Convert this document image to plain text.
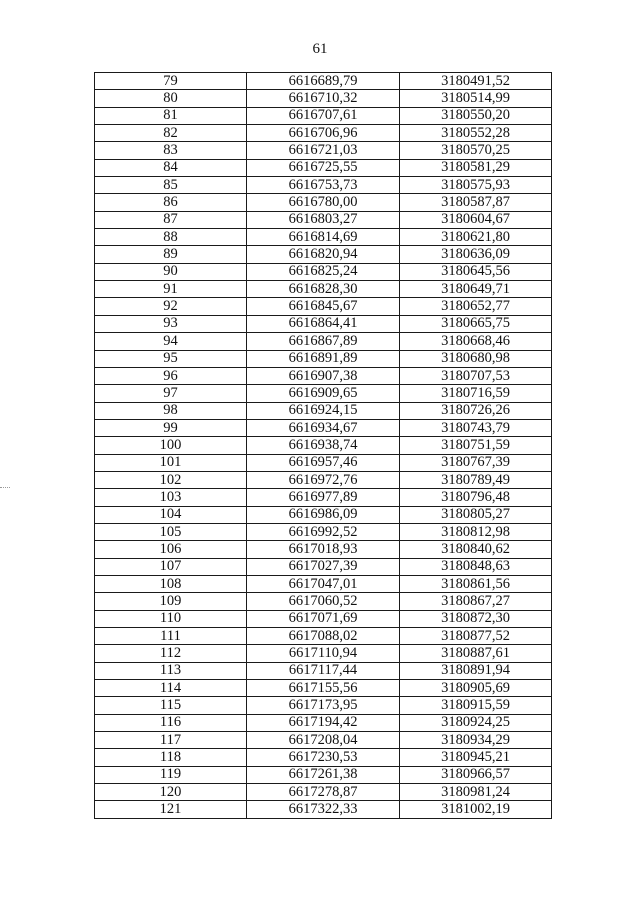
61
79	6616689,79	3180491,52
80	6616710,32	3180514,99
81	6616707,61	3180550,20
82	6616706,96	3180552,28
83	6616721,03	3180570,25
84	6616725,55	3180581,29
85	6616753,73	3180575,93
86	6616780,00	3180587,87
87	6616803,27	3180604,67
88	6616814,69	3180621,80
89	6616820,94	3180636,09
90	6616825,24	3180645,56
91	6616828,30	3180649,71
92	6616845,67	3180652,77
93	6616864,41	3180665,75
94	6616867,89	3180668,46
95	6616891,89	3180680,98
96	6616907,38	3180707,53
97	6616909,65	3180716,59
98	6616924,15	3180726,26
99	6616934,67	3180743,79
100	6616938,74	3180751,59
101	6616957,46	3180767,39
102	6616972,76	3180789,49
103	6616977,89	3180796,48
104	6616986,09	3180805,27
105	6616992,52	3180812,98
106	6617018,93	3180840,62
107	6617027,39	3180848,63
108	6617047,01	3180861,56
109	6617060,52	3180867,27
110	6617071,69	3180872,30
111	6617088,02	3180877,52
112	6617110,94	3180887,61
113	6617117,44	3180891,94
114	6617155,56	3180905,69
115	6617173,95	3180915,59
116	6617194,42	3180924,25
117	6617208,04	3180934,29
118	6617230,53	3180945,21
119	6617261,38	3180966,57
120	6617278,87	3180981,24
121	6617322,33	3181002,19
